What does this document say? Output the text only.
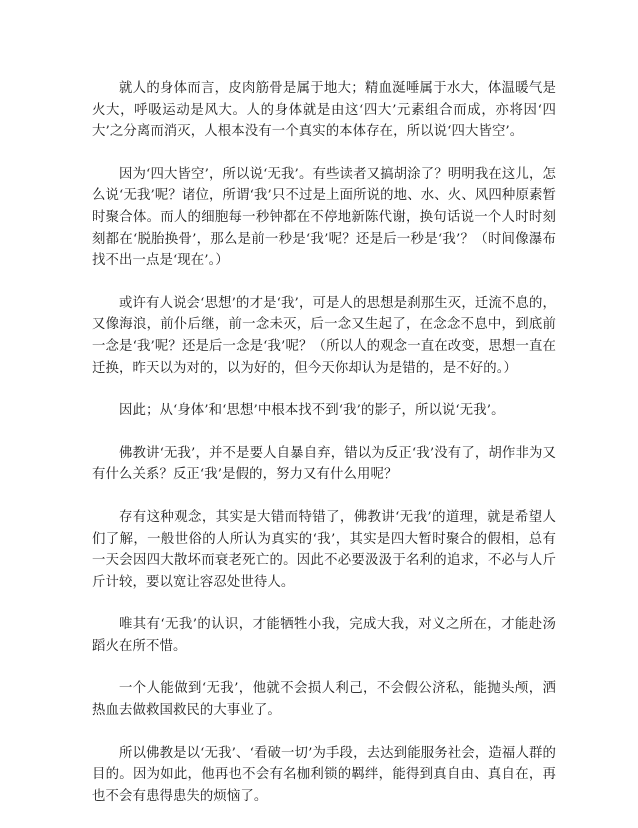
就人的身体而言，皮肉筋骨是属于地大；精血涎唾属于水大，体温暖气是火大，呼吸运动是风大。人的身体就是由这‘四大’元素组合而成，亦将因‘四大’之分离而消灭，人根本没有一个真实的本体存在，所以说‘四大皆空’。

因为‘四大皆空’，所以说‘无我’。有些读者又搞胡涂了？明明我在这儿，怎么说‘无我’呢？诸位，所谓‘我’只不过是上面所说的地、水、火、风四种原素暂时聚合体。而人的细胞每一秒钟都在不停地新陈代谢，换句话说一个人时时刻刻都在‘脱胎换骨’，那么是前一秒是‘我’呢？还是后一秒是‘我’？（时间像瀑布找不出一点是‘现在’。）

或许有人说会‘思想’的才是‘我’，可是人的思想是刹那生灭，迁流不息的，又像海浪，前仆后继，前一念未灭，后一念又生起了，在念念不息中，到底前一念是‘我’呢？还是后一念是‘我’呢？（所以人的观念一直在改变，思想一直在迁换，昨天以为对的，以为好的，但今天你却认为是错的，是不好的。）

因此；从‘身体’和‘思想’中根本找不到‘我’的影子，所以说‘无我’。

佛教讲‘无我’，并不是要人自暴自弃，错以为反正‘我’没有了，胡作非为又有什么关系？反正‘我’是假的，努力又有什么用呢？

存有这种观念，其实是大错而特错了，佛教讲‘无我’的道理，就是希望人们了解，一般世俗的人所认为真实的‘我’，其实是四大暂时聚合的假相，总有一天会因四大散坏而衰老死亡的。因此不必要汲汲于名利的追求，不必与人斤斤计较，要以宽让容忍处世待人。

唯其有‘无我’的认识，才能牺牲小我，完成大我，对义之所在，才能赴汤蹈火在所不惜。

一个人能做到‘无我’，他就不会损人利己，不会假公济私，能抛头颅，洒热血去做救国救民的大事业了。

所以佛教是以‘无我’、‘看破一切’为手段，去达到能服务社会，造福人群的目的。因为如此，他再也不会有名枷利锁的羁绊，能得到真自由、真自在，再也不会有患得患失的烦恼了。
